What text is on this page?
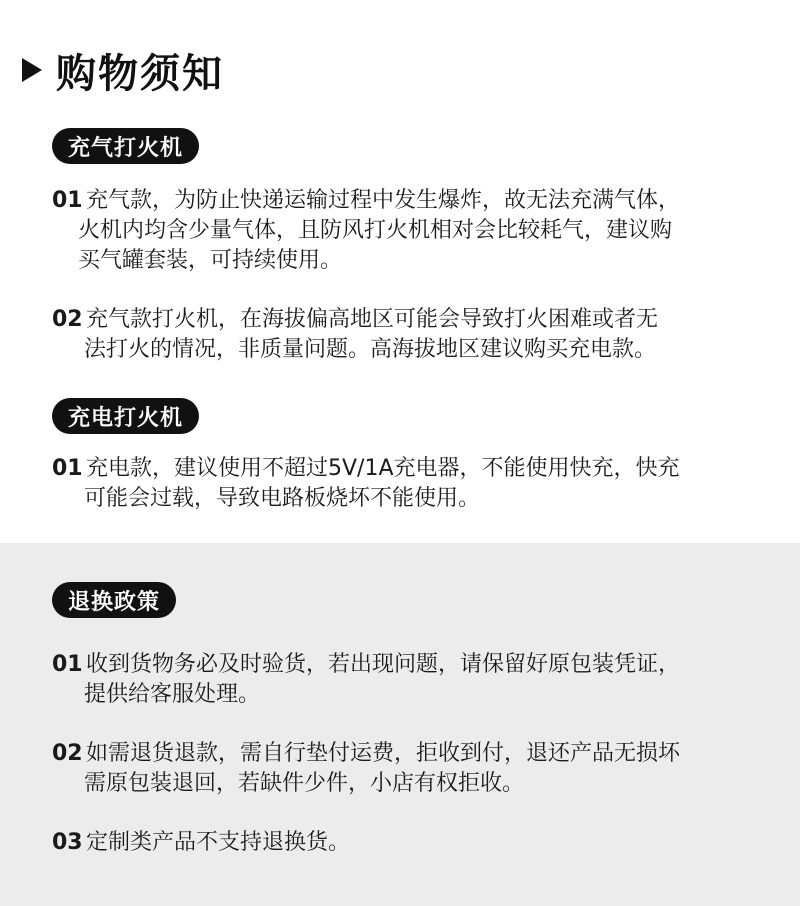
购物须知
充气打火机
01 充气款，为防止快递运输过程中发生爆炸，故无法充满气体，
火机内均含少量气体，且防风打火机相对会比较耗气，建议购
买气罐套装，可持续使用。
02 充气款打火机，在海拔偏高地区可能会导致打火困难或者无
法打火的情况，非质量问题。高海拔地区建议购买充电款。
充电打火机
01 充电款，建议使用不超过5V/1A充电器，不能使用快充，快充
可能会过载，导致电路板烧坏不能使用。
退换政策
01 收到货物务必及时验货，若出现问题，请保留好原包装凭证，
提供给客服处理。
02 如需退货退款，需自行垫付运费，拒收到付，退还产品无损坏
需原包装退回，若缺件少件，小店有权拒收。
03 定制类产品不支持退换货。
